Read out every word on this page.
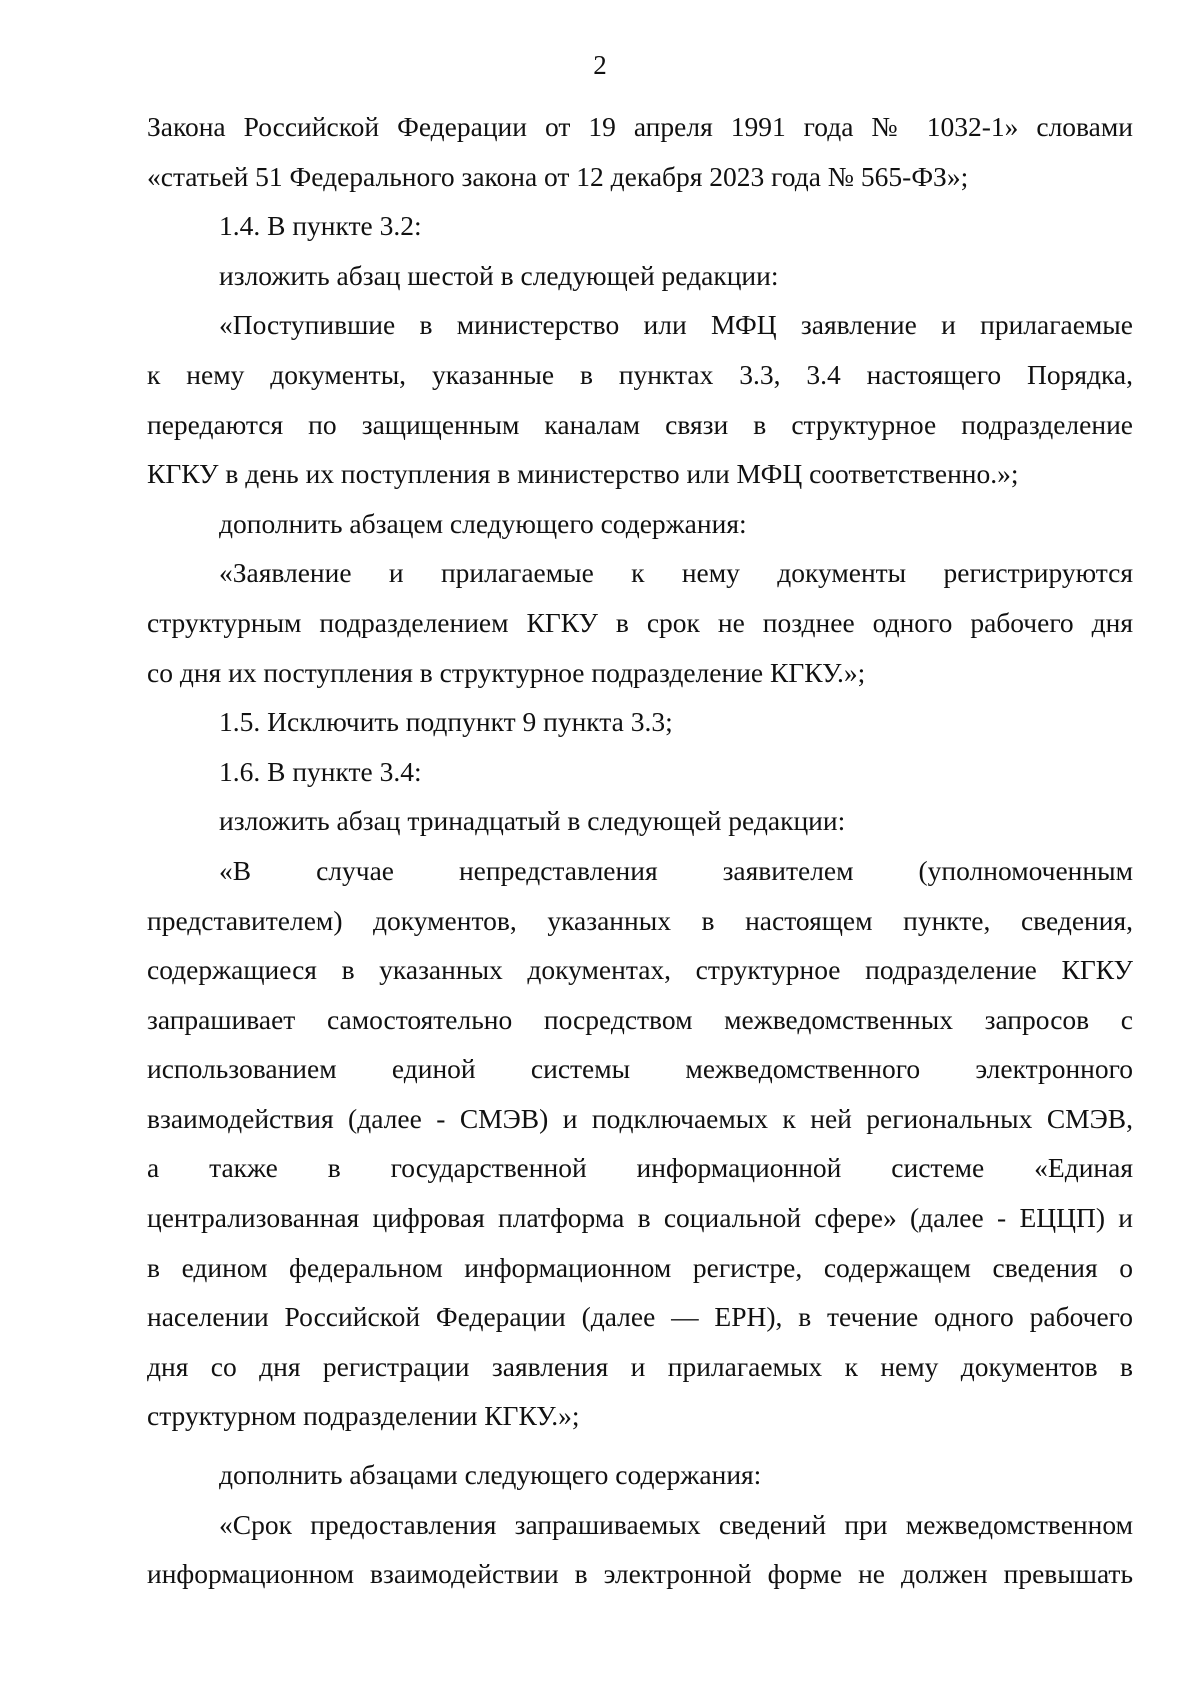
2
Закона Российской Федерации от 19 апреля 1991 года № 1032-1» словами
«статьей 51 Федерального закона от 12 декабря 2023 года № 565-ФЗ»;
1.4. В пункте 3.2:
изложить абзац шестой в следующей редакции:
«Поступившие в министерство или МФЦ заявление и прилагаемые
к нему документы, указанные в пунктах 3.3, 3.4 настоящего Порядка,
передаются по защищенным каналам связи в структурное подразделение
КГКУ в день их поступления в министерство или МФЦ соответственно.»;
дополнить абзацем следующего содержания:
«Заявление и прилагаемые к нему документы регистрируются
структурным подразделением КГКУ в срок не позднее одного рабочего дня
со дня их поступления в структурное подразделение КГКУ.»;
1.5. Исключить подпункт 9 пункта 3.3;
1.6. В пункте 3.4:
изложить абзац тринадцатый в следующей редакции:
«В случае непредставления заявителем (уполномоченным
представителем) документов, указанных в настоящем пункте, сведения,
содержащиеся в указанных документах, структурное подразделение КГКУ
запрашивает самостоятельно посредством межведомственных запросов с
использованием единой системы межведомственного электронного
взаимодействия (далее - СМЭВ) и подключаемых к ней региональных СМЭВ,
а также в государственной информационной системе «Единая
централизованная цифровая платформа в социальной сфере» (далее - ЕЦЦП) и
в едином федеральном информационном регистре, содержащем сведения о
населении Российской Федерации (далее — ЕРН), в течение одного рабочего
дня со дня регистрации заявления и прилагаемых к нему документов в
структурном подразделении КГКУ.»;
дополнить абзацами следующего содержания:
«Срок предоставления запрашиваемых сведений при межведомственном
информационном взаимодействии в электронной форме не должен превышать
